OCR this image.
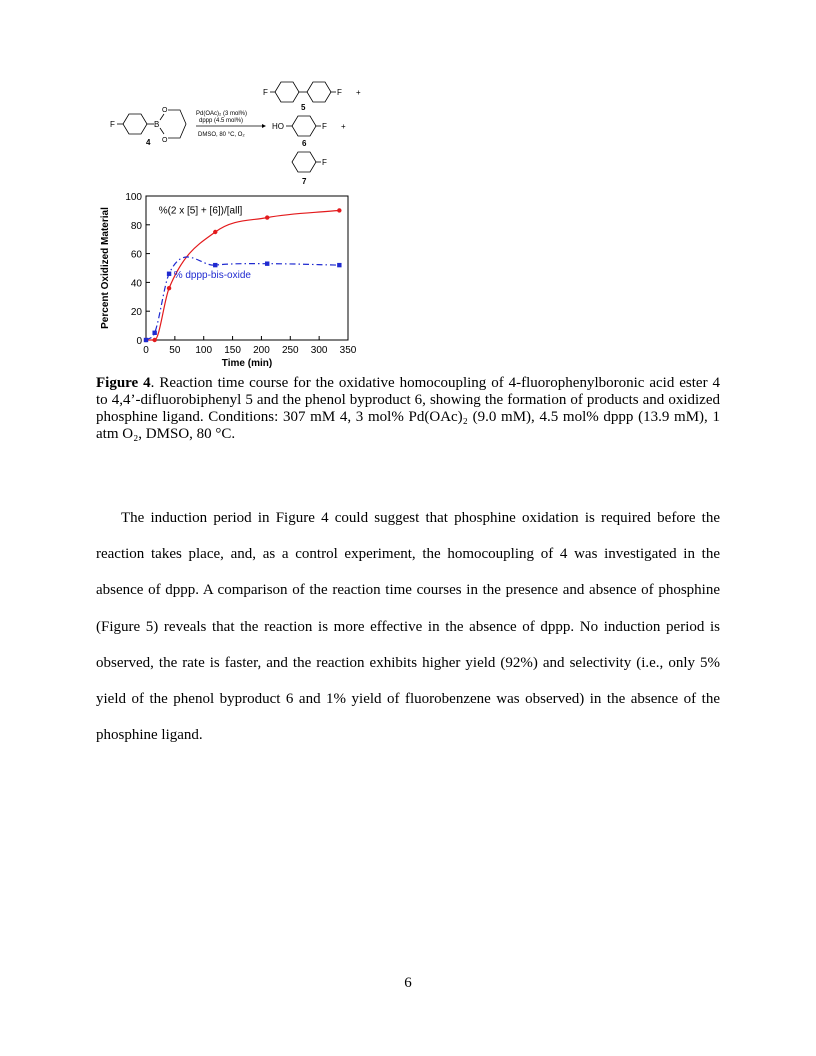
F	B
O
O
4
Pd(OAc)₂ (3 mol%)
dppp (4.5 mol%)
DMSO, 80 °C, O₂
F	F +
5
HO	F +
6
F
7
0 50 100 150 200 250 300 350
0
20
40
60
80
100
Percent Oxidized Material
Time (min)
%(2 x [5] + [6])/[all]
% dppp-bis-oxide
Figure 4. Reaction time course for the oxidative homocoupling of 4-fluorophenylboronic acid ester 4 to 4,4’-difluorobiphenyl 5 and the phenol byproduct 6, showing the formation of products and oxidized phosphine ligand. Conditions: 307 mM 4, 3 mol% Pd(OAc)₂ (9.0 mM), 4.5 mol% dppp (13.9 mM), 1 atm O₂, DMSO, 80 °C.

The induction period in Figure 4 could suggest that phosphine oxidation is required before the reaction takes place, and, as a control experiment, the homocoupling of 4 was investigated in the absence of dppp. A comparison of the reaction time courses in the presence and absence of phosphine (Figure 5) reveals that the reaction is more effective in the absence of dppp. No induction period is observed, the rate is faster, and the reaction exhibits higher yield (92%) and selectivity (i.e., only 5% yield of the phenol byproduct 6 and 1% yield of fluorobenzene was observed) in the absence of the phosphine ligand.

6
